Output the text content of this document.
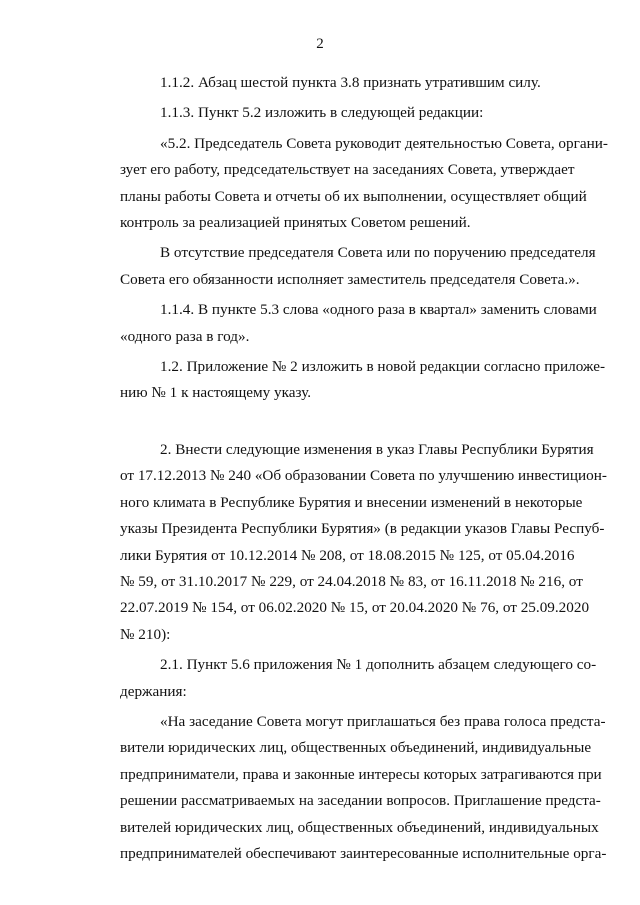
2
1.1.2. Абзац шестой пункта 3.8 признать утратившим силу.
1.1.3. Пункт 5.2 изложить в следующей редакции:
«5.2. Председатель Совета руководит деятельностью Совета, органи-
зует его работу, председательствует на заседаниях Совета, утверждает
планы работы Совета и отчеты об их выполнении, осуществляет общий
контроль за реализацией принятых Советом решений.
В отсутствие председателя Совета или по поручению председателя
Совета его обязанности исполняет заместитель председателя Совета.».
1.1.4. В пункте 5.3 слова «одного раза в квартал» заменить словами
«одного раза в год».
1.2. Приложение № 2 изложить в новой редакции согласно приложе-
нию № 1 к настоящему указу.
2. Внести следующие изменения в указ Главы Республики Бурятия
от 17.12.2013 № 240 «Об образовании Совета по улучшению инвестицион-
ного климата в Республике Бурятия и внесении изменений в некоторые
указы Президента Республики Бурятия» (в редакции указов Главы Респуб-
лики Бурятия от 10.12.2014 № 208, от 18.08.2015 № 125, от 05.04.2016
№ 59, от 31.10.2017 № 229, от 24.04.2018 № 83, от 16.11.2018 № 216, от
22.07.2019 № 154, от 06.02.2020 № 15, от 20.04.2020 № 76, от 25.09.2020
№ 210):
2.1. Пункт 5.6 приложения № 1 дополнить абзацем следующего со-
держания:
«На заседание Совета могут приглашаться без права голоса предста-
вители юридических лиц, общественных объединений, индивидуальные
предприниматели, права и законные интересы которых затрагиваются при
решении рассматриваемых на заседании вопросов. Приглашение предста-
вителей юридических лиц, общественных объединений, индивидуальных
предпринимателей обеспечивают заинтересованные исполнительные орга-
